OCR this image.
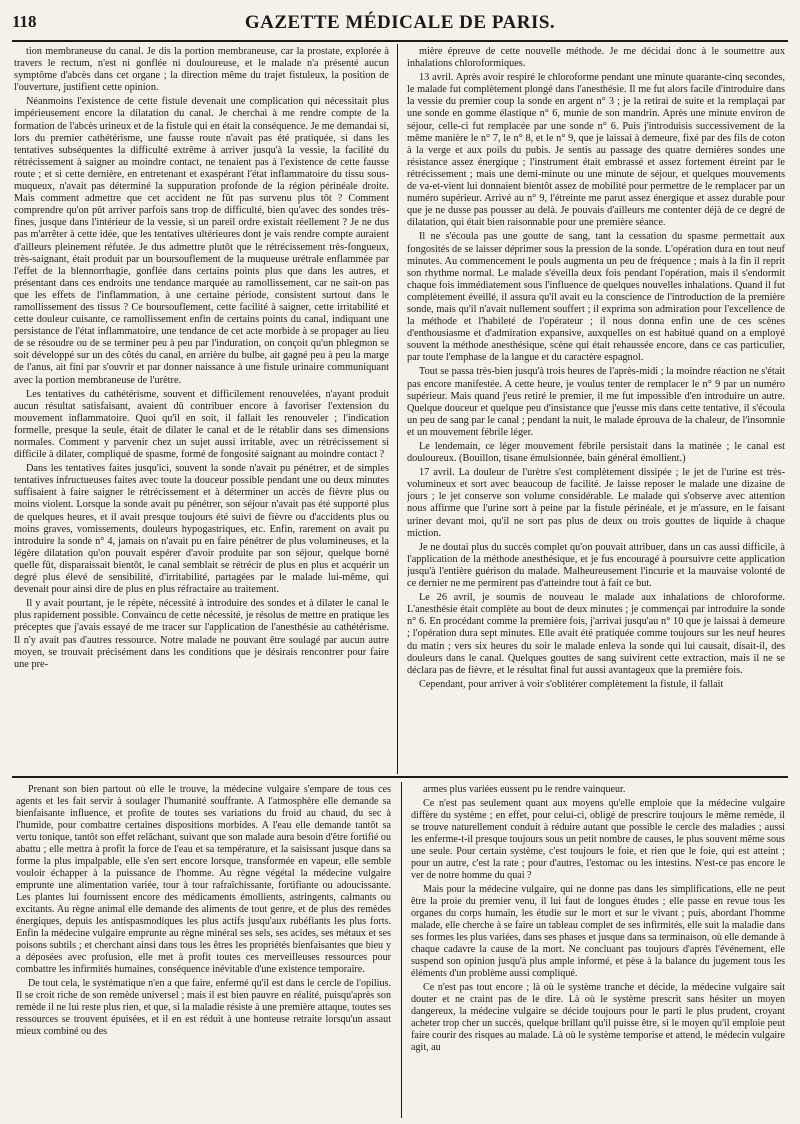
118	GAZETTE MÉDICALE DE PARIS.

tion membraneuse du canal. Je dis la portion membraneuse, car la prostate, explorée à travers le rectum, n'est ni gonflée ni douloureuse, et le malade n'a présenté aucun symptôme d'abcès dans cet organe ; la direction même du trajet fistuleux, la position de l'ouverture, justifient cette opinion.

Néanmoins l'existence de cette fistule devenait une complication qui nécessitait plus impérieusement encore la dilatation du canal. Je cherchai à me rendre compte de la formation de l'abcès urineux et de la fistule qui en était la conséquence. Je me demandai si, lors du premier cathétérisme, une fausse route n'avait pas été pratiquée, si dans les tentatives subséquentes la difficulté extrême à arriver jusqu'à la vessie, la facilité du rétrécissement à saigner au moindre contact, ne tenaient pas à l'existence de cette fausse route ; et si cette dernière, en entretenant et exaspérant l'état inflammatoire du tissu sous-muqueux, n'avait pas déterminé la suppuration profonde de la région périnéale droite. Mais comment admettre que cet accident ne fût pas survenu plus tôt ? Comment comprendre qu'on pût arriver parfois sans trop de difficulté, bien qu'avec des sondes très-fines, jusque dans l'intérieur de la vessie, si un pareil ordre existait réellement ? Je ne dus pas m'arrêter à cette idée, que les tentatives ultérieures dont je vais rendre compte auraient d'ailleurs pleinement réfutée. Je dus admettre plutôt que le rétrécissement très-fongueux, très-saignant, était produit par un boursouflement de la muqueuse urétrale enflammée par l'effet de la blennorrhagie, gonflée dans certains points plus que dans les autres, et présentant dans ces endroits une tendance marquée au ramollissement, car ne sait-on pas que les effets de l'inflammation, à une certaine période, consistent surtout dans le ramollissement des tissus ? Ce boursouflement, cette facilité à saigner, cette irritabilité et cette douleur cuisante, ce ramollissement enfin de certains points du canal, indiquant une persistance de l'état inflammatoire, une tendance de cet acte morbide à se propager au lieu de se résoudre ou de se terminer peu à peu par l'induration, on conçoit qu'un phlegmon se soit développé sur un des côtés du canal, en arrière du bulbe, ait gagné peu à peu la marge de l'anus, ait fini par s'ouvrir et par donner naissance à une fistule urinaire communiquant avec la portion membraneuse de l'urètre.

Les tentatives du cathétérisme, souvent et difficilement renouvelées, n'ayant produit aucun résultat satisfaisant, avaient dû contribuer encore à favoriser l'extension du mouvement inflammatoire. Quoi qu'il en soit, il fallait les renouveler ; l'indication formelle, presque la seule, était de dilater le canal et de le rétablir dans ses dimensions normales. Comment y parvenir chez un sujet aussi irritable, avec un rétrécissement si difficile à dilater, compliqué de spasme, formé de fongosité saignant au moindre contact ?

Dans les tentatives faites jusqu'ici, souvent la sonde n'avait pu pénétrer, et de simples tentatives infructueuses faites avec toute la douceur possible pendant une ou deux minutes suffisaient à faire saigner le rétrécissement et à déterminer un accès de fièvre plus ou moins violent. Lorsque la sonde avait pu pénétrer, son séjour n'avait pas été supporté plus de quelques heures, et il avait presque toujours été suivi de fièvre ou d'accidents plus ou moins graves, vomissements, douleurs hypogastriques, etc. Enfin, rarement on avait pu introduire la sonde n° 4, jamais on n'avait pu en faire pénétrer de plus volumineuses, et la légère dilatation qu'on pouvait espérer d'avoir produite par son séjour, quelque borné quelle fût, disparaissait bientôt, le canal semblait se rétrécir de plus en plus et acquérir un degré plus élevé de sensibilité, d'irritabilité, partagées par le malade lui-même, qui devenait pour ainsi dire de plus en plus réfractaire au traitement.

Il y avait pourtant, je le répète, nécessité à introduire des sondes et à dilater le canal le plus rapidement possible. Convaincu de cette nécessité, je résolus de mettre en pratique les préceptes que j'avais essayé de me tracer sur l'application de l'anesthésie au cathétérisme. Il n'y avait pas d'autres ressource. Notre malade ne pouvant être soulagé par aucun autre moyen, se trouvait précisément dans les conditions que je désirais rencontrer pour faire une pre-

mière épreuve de cette nouvelle méthode. Je me décidai donc à le soumettre aux inhalations chloroformiques.

13 avril. Après avoir respiré le chloroforme pendant une minute quarante-cinq secondes, le malade fut complètement plongé dans l'anesthésie. Il me fut alors facile d'introduire dans la vessie du premier coup la sonde en argent n° 3 ; je la retirai de suite et la remplaçai par une sonde en gomme élastique n° 6, munie de son mandrin. Après une minute environ de séjour, celle-ci fut remplacée par une sonde n° 6. Puis j'introduisis successivement de la même manière le n° 7, le n° 8, et le n° 9, que je laissai à demeure, fixé par des fils de coton à la verge et aux poils du pubis. Je sentis au passage des quatre dernières sondes une résistance assez énergique ; l'instrument était embrassé et assez fortement étreint par le rétrécissement ; mais une demi-minute ou une minute de séjour, et quelques mouvements de va-et-vient lui donnaient bientôt assez de mobilité pour permettre de le remplacer par un numéro supérieur. Arrivé au n° 9, l'étreinte me parut assez énergique et assez durable pour que je ne dusse pas pousser au delà. Je pouvais d'ailleurs me contenter déjà de ce degré de dilatation, qui était bien raisonnable pour une première séance.

Il ne s'écoula pas une goutte de sang, tant la cessation du spasme permettait aux fongosités de se laisser déprimer sous la pression de la sonde. L'opération dura en tout neuf minutes. Au commencement le pouls augmenta un peu de fréquence ; mais à la fin il reprit son rhythme normal. Le malade s'éveilla deux fois pendant l'opération, mais il s'endormit chaque fois immédiatement sous l'influence de quelques nouvelles inhalations. Quand il fut complètement éveillé, il assura qu'il avait eu la conscience de l'introduction de la première sonde, mais qu'il n'avait nullement souffert ; il exprima son admiration pour l'excellence de la méthode et l'habileté de l'opérateur ; il nous donna enfin une de ces scènes d'enthousiasme et d'admiration expansive, auxquelles on est habitué quand on a employé souvent la méthode anesthésique, scène qui était rehaussée encore, dans ce cas particulier, par toute l'emphase de la langue et du caractère espagnol.

Tout se passa très-bien jusqu'à trois heures de l'après-midi ; la moindre réaction ne s'était pas encore manifestée. A cette heure, je voulus tenter de remplacer le n° 9 par un numéro supérieur. Mais quand j'eus retiré le premier, il me fut impossible d'en introduire un autre. Quelque douceur et quelque peu d'insistance que j'eusse mis dans cette tentative, il s'écoula un peu de sang par le canal ; pendant la nuit, le malade éprouva de la chaleur, de l'insomnie et un mouvement fébrile léger.

Le lendemain, ce léger mouvement fébrile persistait dans la matinée ; le canal est douloureux. (Bouillon, tisane émulsionnée, bain général émollient.)

17 avril. La douleur de l'urètre s'est complètement dissipée ; le jet de l'urine est très-volumineux et sort avec beaucoup de facilité. Je laisse reposer le malade une dizaine de jours ; le jet conserve son volume considérable. Le malade qui s'observe avec attention nous affirme que l'urine sort à peine par la fistule périnéale, et je m'assure, en le faisant uriner devant moi, qu'il ne sort pas plus de deux ou trois gouttes de liquide à chaque miction.

Je ne doutai plus du succès complet qu'on pouvait attribuer, dans un cas aussi difficile, à l'application de la méthode anesthésique, et je fus encouragé à poursuivre cette application jusqu'à l'entière guérison du malade. Malheureusement l'incurie et la mauvaise volonté de ce dernier ne me permirent pas d'atteindre tout à fait ce but.

Le 26 avril, je soumis de nouveau le malade aux inhalations de chloroforme. L'anesthésie était complète au bout de deux minutes ; je commençai par introduire la sonde n° 6. En procédant comme la première fois, j'arrivai jusqu'au n° 10 que je laissai à demeure ; l'opération dura sept minutes. Elle avait été pratiquée comme toujours sur les neuf heures du matin ; vers six heures du soir le malade enleva la sonde qui lui causait, disait-il, des douleurs dans le canal. Quelques gouttes de sang suivirent cette extraction, mais il ne se déclara pas de fièvre, et le résultat final fut aussi avantageux que la première fois.

Cependant, pour arriver à voir s'oblitérer complètement la fistule, il fallait

Prenant son bien partout où elle le trouve, la médecine vulgaire s'empare de tous ces agents et les fait servir à soulager l'humanité souffrante. A l'atmosphère elle demande sa bienfaisante influence, et profite de toutes ses variations du froid au chaud, du sec à l'humide, pour combattre certaines dispositions morbides. A l'eau elle demande tantôt sa vertu tonique, tantôt son effet relâchant, suivant que son malade aura besoin d'être fortifié ou abattu ; elle mettra à profit la force de l'eau et sa température, et la saisissant jusque dans sa forme la plus impalpable, elle s'en sert encore lorsque, transformée en vapeur, elle semble vouloir échapper à la puissance de l'homme. Au règne végétal la médecine vulgaire emprunte une alimentation variée, tour à tour rafraîchissante, fortifiante ou adoucissante. Les plantes lui fournissent encore des médicaments émollients, astringents, calmants ou excitants. Au règne animal elle demande des aliments de tout genre, et de plus des remèdes énergiques, depuis les antispasmodiques les plus actifs jusqu'aux rubéfiants les plus forts. Enfin la médecine vulgaire emprunte au règne minéral ses sels, ses acides, ses métaux et ses poisons subtils ; et cherchant ainsi dans tous les êtres les propriétés bienfaisantes que bieu y a déposées avec profusion, elle met à profit toutes ces merveilleuses ressources pour combattre les infirmités humaines, conséquence inévitable d'une existence temporaire.

De tout cela, le systématique n'en a que faire, enfermé qu'il est dans le cercle de l'opilius. Il se croit riche de son remède universel ; mais il est bien pauvre en réalité, puisqu'après son remède il ne lui reste plus rien, et que, si la maladie résiste à une première attaque, toutes ses ressources se trouvent épuisées, et il en est réduit à une honteuse retraite lorsqu'un assaut mieux combiné ou des

armes plus variées eussent pu le rendre vainqueur.

Ce n'est pas seulement quant aux moyens qu'elle emploie que la médecine vulgaire diffère du système ; en effet, pour celui-ci, obligé de prescrire toujours le même remède, il se trouve naturellement conduit à réduire autant que possible le cercle des maladies ; aussi les enferme-t-il presque toujours sous un petit nombre de causes, le plus souvent même sous une seule. Pour certain système, c'est toujours le foie, et rien que le foie, qui est atteint ; pour un autre, c'est la rate ; pour d'autres, l'estomac ou les intestins. N'est-ce pas encore le ver de notre homme du quai ?

Mais pour la médecine vulgaire, qui ne donne pas dans les simplifications, elle ne peut être la proie du premier venu, il lui faut de longues études ; elle passe en revue tous les organes du corps humain, les étudie sur le mort et sur le vivant ; puis, abordant l'homme malade, elle cherche à se faire un tableau complet de ses infirmités, elle suit la maladie dans ses formes les plus variées, dans ses phases et jusque dans sa terminaison, où elle demande à chaque cadavre la cause de la mort. Ne concluant pas toujours d'après l'événement, elle suspend son opinion jusqu'à plus ample informé, et pèse à la balance du jugement tous les éléments d'un problème aussi compliqué.

Ce n'est pas tout encore ; là où le système tranche et décide, la médecine vulgaire sait douter et ne craint pas de le dire. Là où le système prescrit sans hésiter un moyen dangereux, la médecine vulgaire se décide toujours pour le parti le plus prudent, croyant acheter trop cher un succès, quelque brillant qu'il puisse être, si le moyen qu'il emploie peut faire courir des risques au malade. Là où le système temporise et attend, le médecin vulgaire agit, au
